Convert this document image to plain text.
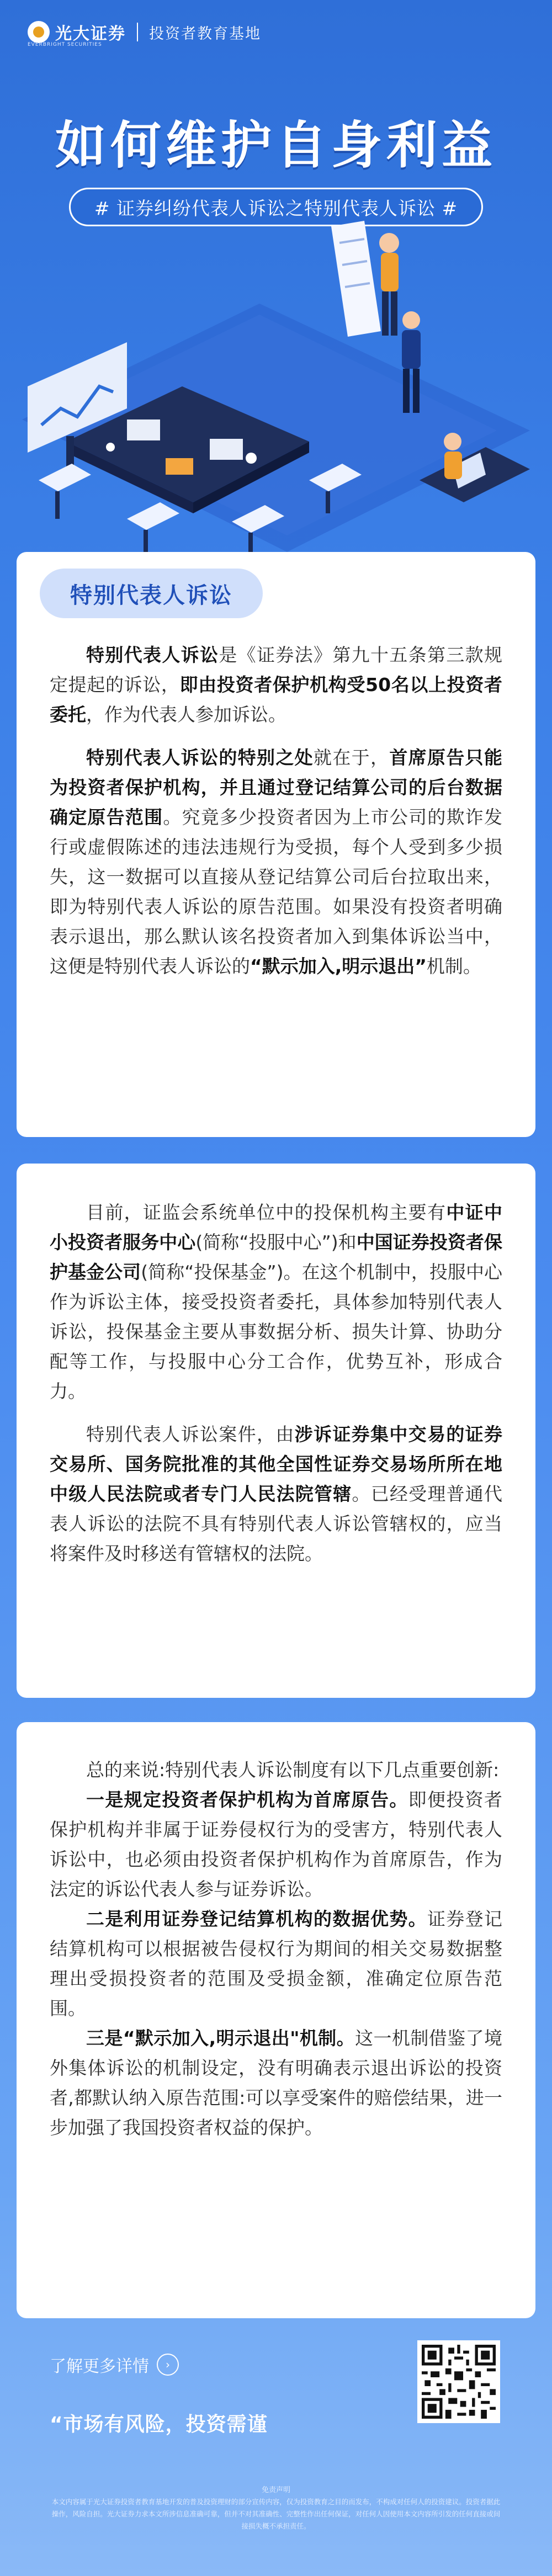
光大证券 投资者教育基地
EVERBRIGHT SECURITIES
如何维护自身利益
# 证券纠纷代表人诉讼之特别代表人诉讼 #
特别代表人诉讼

特别代表人诉讼是《证券法》第九十五条第三款规定提起的诉讼，即由投资者保护机构受50名以上投资者委托，作为代表人参加诉讼。

特别代表人诉讼的特别之处就在于，首席原告只能为投资者保护机构，并且通过登记结算公司的后台数据确定原告范围。究竟多少投资者因为上市公司的欺诈发行或虚假陈述的违法违规行为受损，每个人受到多少损失，这一数据可以直接从登记结算公司后台拉取出来，即为特别代表人诉讼的原告范围。如果没有投资者明确表示退出，那么默认该名投资者加入到集体诉讼当中，这便是特别代表人诉讼的“默示加入,明示退出”机制。

目前，证监会系统单位中的投保机构主要有中证中小投资者服务中心(简称“投服中心”)和中国证券投资者保护基金公司(简称“投保基金”)。在这个机制中，投服中心作为诉讼主体，接受投资者委托，具体参加特别代表人诉讼，投保基金主要从事数据分析、损失计算、协助分配等工作，与投服中心分工合作，优势互补，形成合力。

特别代表人诉讼案件，由涉诉证券集中交易的证券交易所、国务院批准的其他全国性证券交易场所所在地中级人民法院或者专门人民法院管辖。已经受理普通代表人诉讼的法院不具有特别代表人诉讼管辖权的，应当将案件及时移送有管辖权的法院。

总的来说:特别代表人诉讼制度有以下几点重要创新:

一是规定投资者保护机构为首席原告。即便投资者保护机构并非属于证券侵权行为的受害方，特别代表人诉讼中，也必须由投资者保护机构作为首席原告，作为法定的诉讼代表人参与证券诉讼。

二是利用证券登记结算机构的数据优势。证券登记结算机构可以根据被告侵权行为期间的相关交易数据整理出受损投资者的范围及受损金额，准确定位原告范围。

三是“默示加入,明示退出"机制。这一机制借鉴了境外集体诉讼的机制设定，没有明确表示退出诉讼的投资者,都默认纳入原告范围:可以享受案件的赔偿结果，进一步加强了我国投资者权益的保护。

了解更多详情	›
“市场有风险，投资需谨
免责声明
本文内容属于光大证券投资者教育基地开发的普及投资理财的部分宣传内容，仅为投资教育之目的而发布，不构成对任何人的投资建议。投资者据此操作，风险自担。光大证券力求本文所涉信息准确可靠，但并不对其准确性、完整性作出任何保证，对任何人因使用本文内容所引发的任何直接或间接损失概不承担责任。
